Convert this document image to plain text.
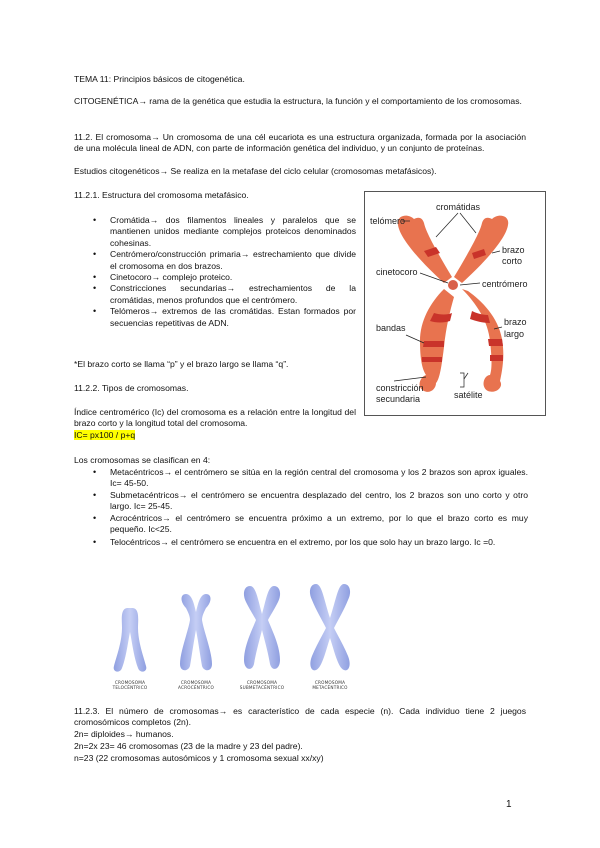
TEMA 11: Principios básicos de citogenética.
CITOGENÉTICA→ rama de la genética que estudia la estructura, la función y el comportamiento de los cromosomas.
11.2. El cromosoma→ Un cromosoma de una cél eucariota es una estructura organizada, formada por la asociación de una molécula lineal de ADN, con parte de información genética del individuo, y un conjunto de proteínas.
Estudios citogenéticos→ Se realiza en la metafase del ciclo celular (cromosomas metafásicos).
11.2.1. Estructura del cromosoma metafásico.
• Cromátida→ dos filamentos lineales y paralelos que se mantienen unidos mediante complejos proteicos denominados cohesinas.
• Centrómero/construcción primaria→ estrechamiento que divide el cromosoma en dos brazos.
• Cinetocoro→ complejo proteico.
• Constricciones secundarias→ estrechamientos de la cromátidas, menos profundos que el centrómero.
• Telómeros→ extremos de las cromátidas. Estan formados por secuencias repetitivas de ADN.
*El brazo corto se llama “p” y el brazo largo se llama “q”.
telómero
cromátidas
brazo
corto
cinetocoro
centrómero
bandas
brazo
largo
constricción
secundaria	satélite
11.2.2. Tipos de cromosomas.
Índice centromérico (Ic) del cromosoma es a relación entre la longitud del brazo corto y la longitud total del cromosoma.
IC= px100 / p+q
Los cromosomas se clasifican en 4:
• Metacéntricos→ el centrómero se sitúa en la región central del cromosoma y los 2 brazos son aprox iguales. Ic= 45-50.
• Submetacéntricos→ el centrómero se encuentra desplazado del centro, los 2 brazos son uno corto y otro largo. Ic= 25-45.
• Acrocéntricos→ el centrómero se encuentra próximo a un extremo, por lo que el brazo corto es muy pequeño. Ic<25.
• Telocéntricos→ el centrómero se encuentra en el extremo, por los que solo hay un brazo largo. Ic =0.
CROMOSOMA
TELOCÉNTRICO
CROMOSOMA
ACROCÉNTRICO
CROMOSOMA
SUBMETACÉNTRICO
CROMOSOMA
METACÉNTRICO
11.2.3. El número de cromosomas→ es característico de cada especie (n). Cada individuo tiene 2 juegos cromosómicos completos (2n).
2n= diploides→ humanos.
2n=2x 23= 46 cromosomas (23 de la madre y 23 del padre).
n=23 (22 cromosomas autosómicos y 1 cromosoma sexual xx/xy)
1
